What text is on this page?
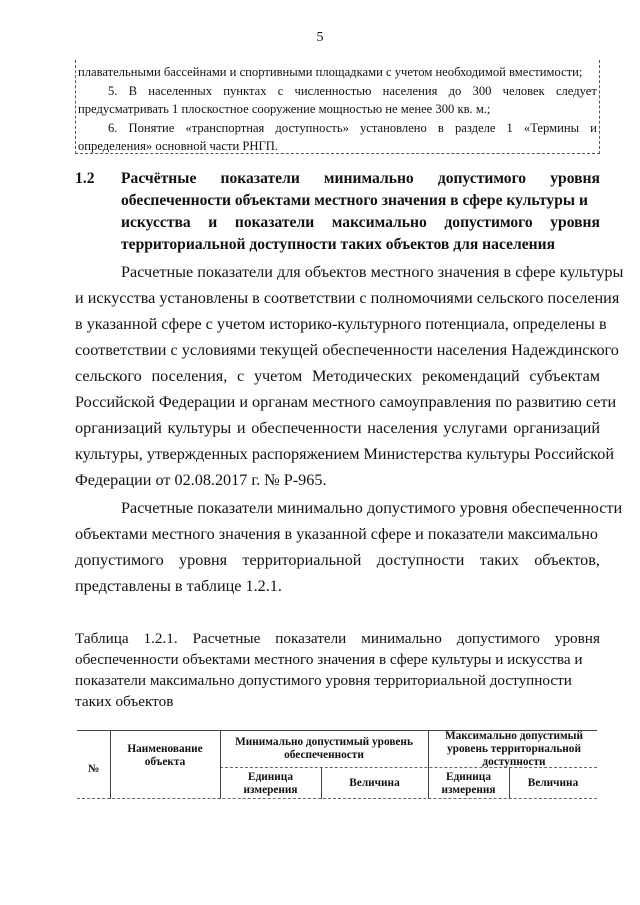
5
плавательными бассейнами и спортивными площадками с учетом необходимой вместимости;
5. В населенных пунктах с численностью населения до 300 человек следует
предусматривать 1 плоскостное сооружение мощностью не менее 300 кв. м.;
6. Понятие «транспортная доступность» установлено в разделе 1 «Термины и
определения» основной части РНГП.
1.2	Расчётные показатели минимально допустимого уровня
обеспеченности объектами местного значения в сфере культуры и
искусства и показатели максимально допустимого уровня
территориальной доступности таких объектов для населения
Расчетные показатели для объектов местного значения в сфере культуры
и искусства установлены в соответствии с полномочиями сельского поселения
в указанной сфере с учетом историко-культурного потенциала, определены в
соответствии с условиями текущей обеспеченности населения Надеждинского
сельского поселения, с учетом Методических рекомендаций субъектам
Российской Федерации и органам местного самоуправления по развитию сети
организаций культуры и обеспеченности населения услугами организаций
культуры, утвержденных распоряжением Министерства культуры Российской
Федерации от 02.08.2017 г. № Р-965.
Расчетные показатели минимально допустимого уровня обеспеченности
объектами местного значения в указанной сфере и показатели максимально
допустимого уровня территориальной доступности таких объектов,
представлены в таблице 1.2.1.
Таблица 1.2.1. Расчетные показатели минимально допустимого уровня
обеспеченности объектами местного значения в сфере культуры и искусства и
показатели максимально допустимого уровня территориальной доступности
таких объектов
№
Наименование объекта
Минимально допустимый уровень обеспеченности
Максимально допустимый уровень территориальной доступности
Единица измерения
Величина
Единица измерения
Величина
